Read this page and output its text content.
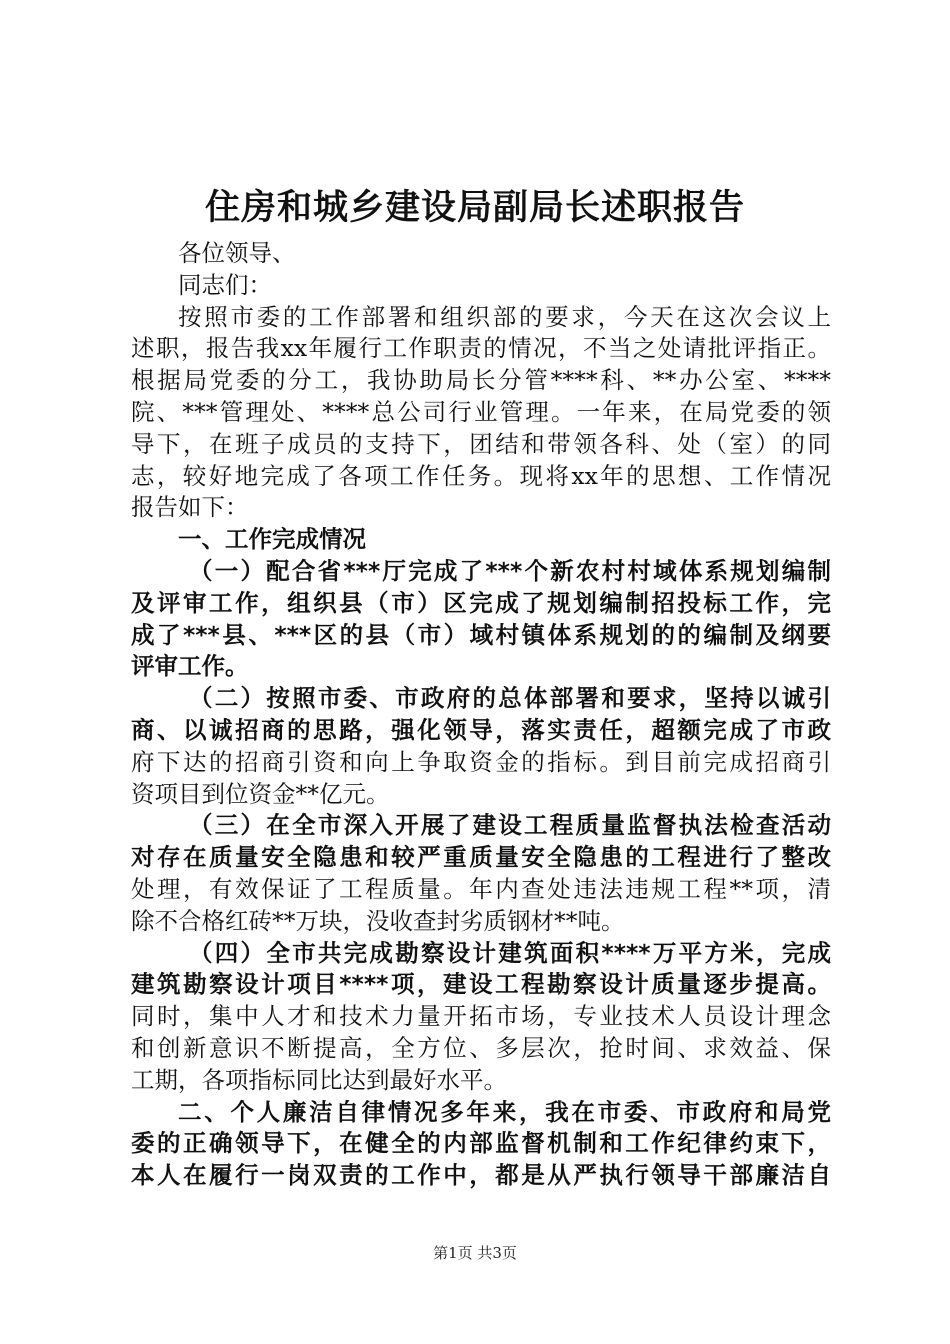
住房和城乡建设局副局长述职报告
各位领导、
同志们：
按照市委的工作部署和组织部的要求，今天在这次会议上
述职，报告我xx年履行工作职责的情况，不当之处请批评指正。
根据局党委的分工，我协助局长分管****科、**办公室、****
院、***管理处、****总公司行业管理。一年来，在局党委的领
导下，在班子成员的支持下，团结和带领各科、处（室）的同
志，较好地完成了各项工作任务。现将xx年的思想、工作情况
报告如下：
一、工作完成情况
（一）配合省***厅完成了***个新农村村域体系规划编制
及评审工作，组织县（市）区完成了规划编制招投标工作，完
成了***县、***区的县（市）域村镇体系规划的的编制及纲要
评审工作。
（二）按照市委、市政府的总体部署和要求，坚持以诚引
商、以诚招商的思路，强化领导，落实责任，超额完成了市政
府下达的招商引资和向上争取资金的指标。到目前完成招商引
资项目到位资金**亿元。
（三）在全市深入开展了建设工程质量监督执法检查活动
对存在质量安全隐患和较严重质量安全隐患的工程进行了整改
处理，有效保证了工程质量。年内查处违法违规工程**项，清
除不合格红砖**万块，没收查封劣质钢材**吨。
（四）全市共完成勘察设计建筑面积****万平方米，完成
建筑勘察设计项目****项，建设工程勘察设计质量逐步提高。
同时，集中人才和技术力量开拓市场，专业技术人员设计理念
和创新意识不断提高，全方位、多层次，抢时间、求效益、保
工期，各项指标同比达到最好水平。
二、个人廉洁自律情况多年来，我在市委、市政府和局党
委的正确领导下，在健全的内部监督机制和工作纪律约束下，
本人在履行一岗双责的工作中，都是从严执行领导干部廉洁自
第1页 共3页
